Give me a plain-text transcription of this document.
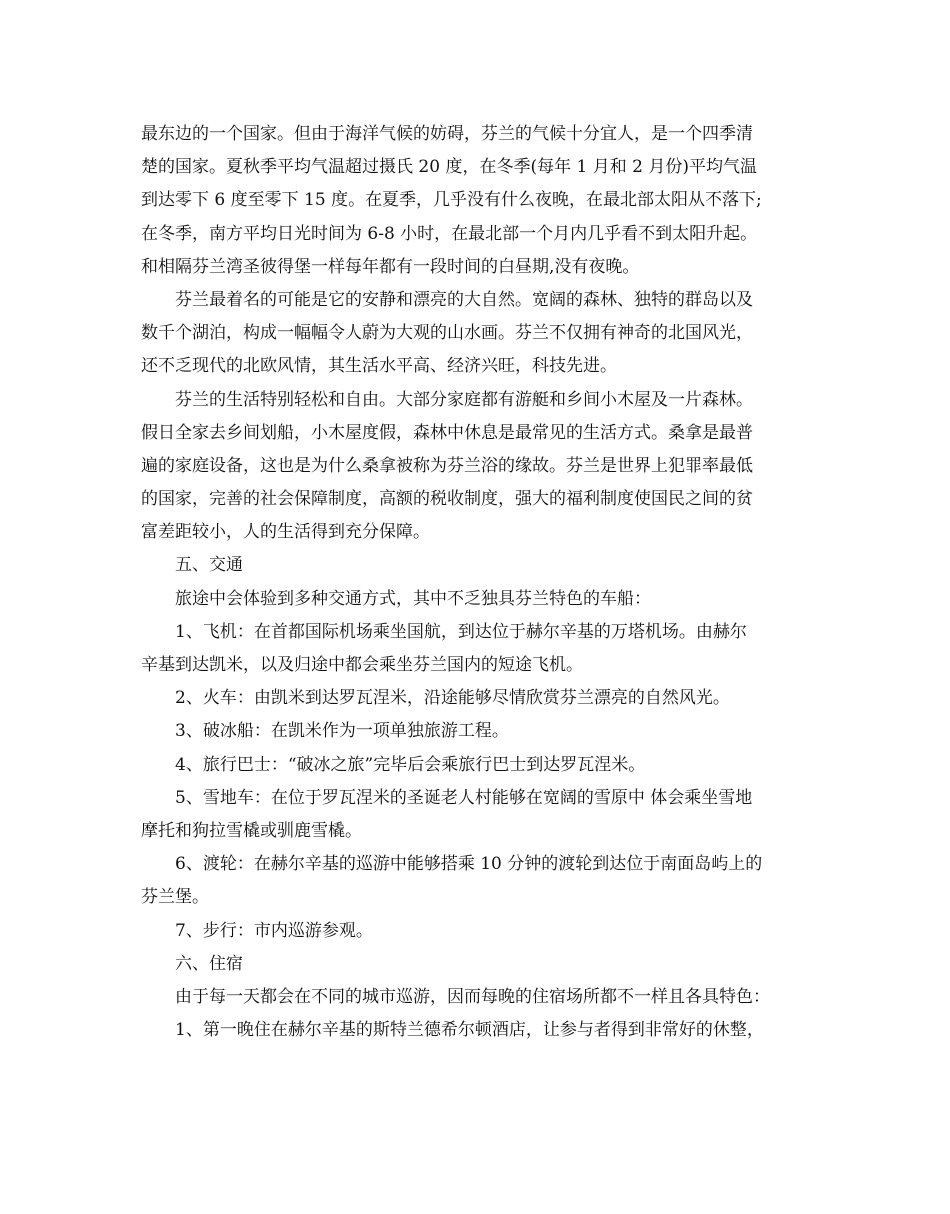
最东边的一个国家。但由于海洋气候的妨碍，芬兰的气候十分宜人，是一个四季清
楚的国家。夏秋季平均气温超过摄氏 20 度，在冬季(每年 1 月和 2 月份)平均气温
到达零下 6 度至零下 15 度。在夏季，几乎没有什么夜晚，在最北部太阳从不落下;
在冬季，南方平均日光时间为 6-8 小时，在最北部一个月内几乎看不到太阳升起。
和相隔芬兰湾圣彼得堡一样每年都有一段时间的白昼期,没有夜晚。
芬兰最着名的可能是它的安静和漂亮的大自然。宽阔的森林、独特的群岛以及
数千个湖泊，构成一幅幅令人蔚为大观的山水画。芬兰不仅拥有神奇的北国风光，
还不乏现代的北欧风情，其生活水平高、经济兴旺，科技先进。
芬兰的生活特别轻松和自由。大部分家庭都有游艇和乡间小木屋及一片森林。
假日全家去乡间划船，小木屋度假，森林中休息是最常见的生活方式。桑拿是最普
遍的家庭设备，这也是为什么桑拿被称为芬兰浴的缘故。芬兰是世界上犯罪率最低
的国家，完善的社会保障制度，高额的税收制度，强大的福利制度使国民之间的贫
富差距较小，人的生活得到充分保障。
五、交通
旅途中会体验到多种交通方式，其中不乏独具芬兰特色的车船：
1、飞机：在首都国际机场乘坐国航，到达位于赫尔辛基的万塔机场。由赫尔
辛基到达凯米，以及归途中都会乘坐芬兰国内的短途飞机。
2、火车：由凯米到达罗瓦涅米，沿途能够尽情欣赏芬兰漂亮的自然风光。
3、破冰船：在凯米作为一项单独旅游工程。
4、旅行巴士：“破冰之旅”完毕后会乘旅行巴士到达罗瓦涅米。
5、雪地车：在位于罗瓦涅米的圣诞老人村能够在宽阔的雪原中 体会乘坐雪地
摩托和狗拉雪橇或驯鹿雪橇。
6、渡轮：在赫尔辛基的巡游中能够搭乘 10 分钟的渡轮到达位于南面岛屿上的
芬兰堡。
7、步行：市内巡游参观。
六、住宿
由于每一天都会在不同的城市巡游，因而每晚的住宿场所都不一样且各具特色：
1、第一晚住在赫尔辛基的斯特兰德希尔顿酒店，让参与者得到非常好的休整，
